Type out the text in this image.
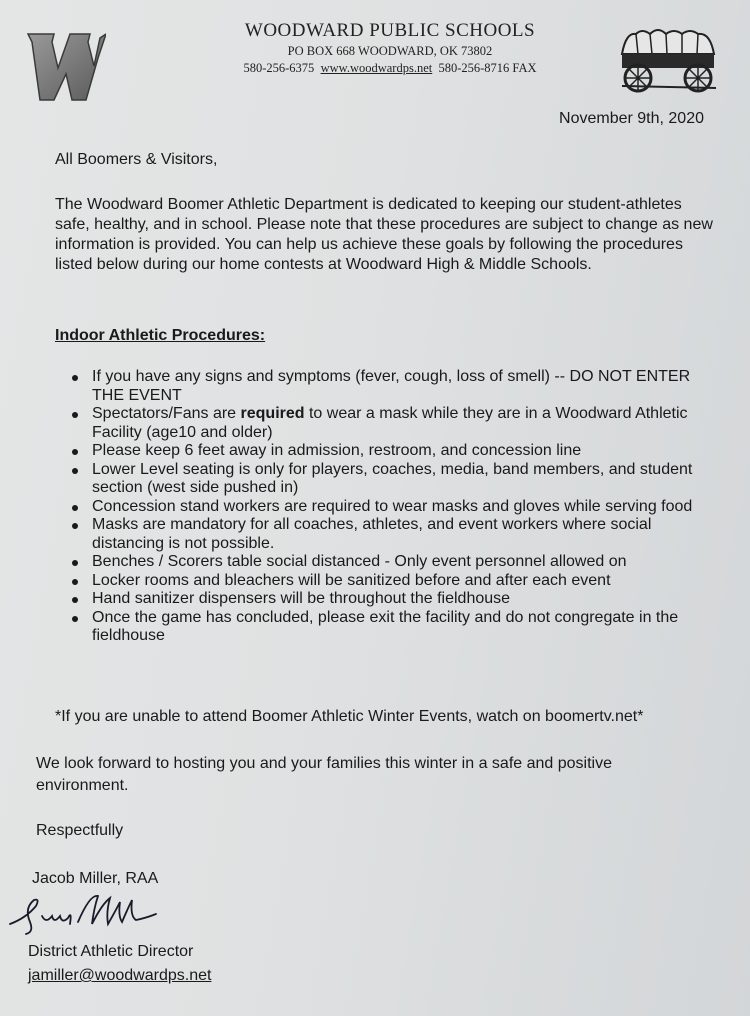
WOODWARD PUBLIC SCHOOLS
PO BOX 668 WOODWARD, OK 73802
580-256-6375 www.woodwardps.net 580-256-8716 FAX
November 9th, 2020
All Boomers & Visitors,
The Woodward Boomer Athletic Department is dedicated to keeping our student-athletes safe, healthy, and in school. Please note that these procedures are subject to change as new information is provided. You can help us achieve these goals by following the procedures listed below during our home contests at Woodward High & Middle Schools.
Indoor Athletic Procedures:
If you have any signs and symptoms (fever, cough, loss of smell) -- DO NOT ENTER THE EVENT
Spectators/Fans are required to wear a mask while they are in a Woodward Athletic Facility (age10 and older)
Please keep 6 feet away in admission, restroom, and concession line
Lower Level seating is only for players, coaches, media, band members, and student section (west side pushed in)
Concession stand workers are required to wear masks and gloves while serving food
Masks are mandatory for all coaches, athletes, and event workers where social distancing is not possible.
Benches / Scorers table social distanced - Only event personnel allowed on
Locker rooms and bleachers will be sanitized before and after each event
Hand sanitizer dispensers will be throughout the fieldhouse
Once the game has concluded, please exit the facility and do not congregate in the fieldhouse
*If you are unable to attend Boomer Athletic Winter Events, watch on boomertv.net*
We look forward to hosting you and your families this winter in a safe and positive environment.
Respectfully
Jacob Miller, RAA
District Athletic Director
jamiller@woodwardps.net
